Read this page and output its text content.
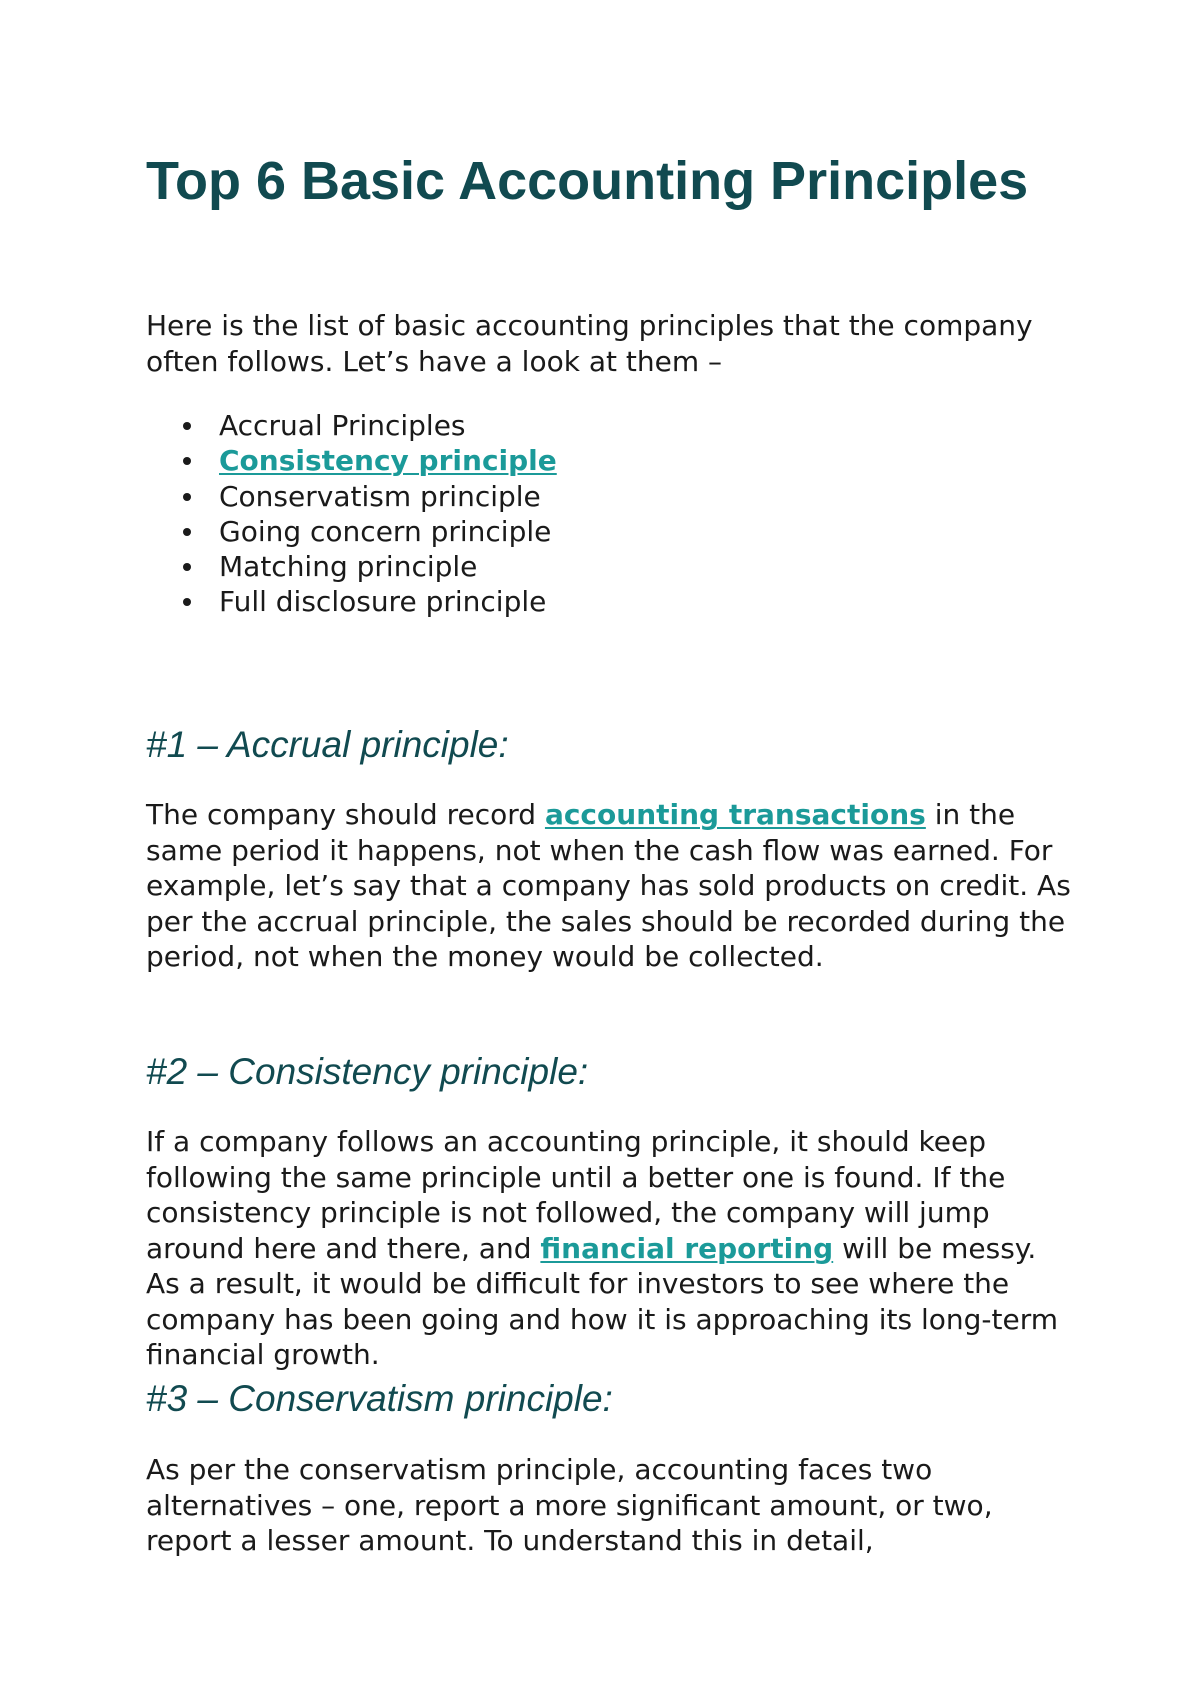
Top 6 Basic Accounting Principles

Here is the list of basic accounting principles that the company often follows. Let’s have a look at them –

Accrual Principles
Consistency principle
Conservatism principle
Going concern principle
Matching principle
Full disclosure principle
#1 – Accrual principle:

The company should record accounting transactions in the same period it happens, not when the cash flow was earned. For example, let’s say that a company has sold products on credit. As per the accrual principle, the sales should be recorded during the period, not when the money would be collected.

#2 – Consistency principle:

If a company follows an accounting principle, it should keep following the same principle until a better one is found. If the consistency principle is not followed, the company will jump around here and there, and financial reporting will be messy. As a result, it would be difficult for investors to see where the company has been going and how it is approaching its long-term financial growth.

#3 – Conservatism principle:

As per the conservatism principle, accounting faces two alternatives – one, report a more significant amount, or two, report a lesser amount. To understand this in detail,
